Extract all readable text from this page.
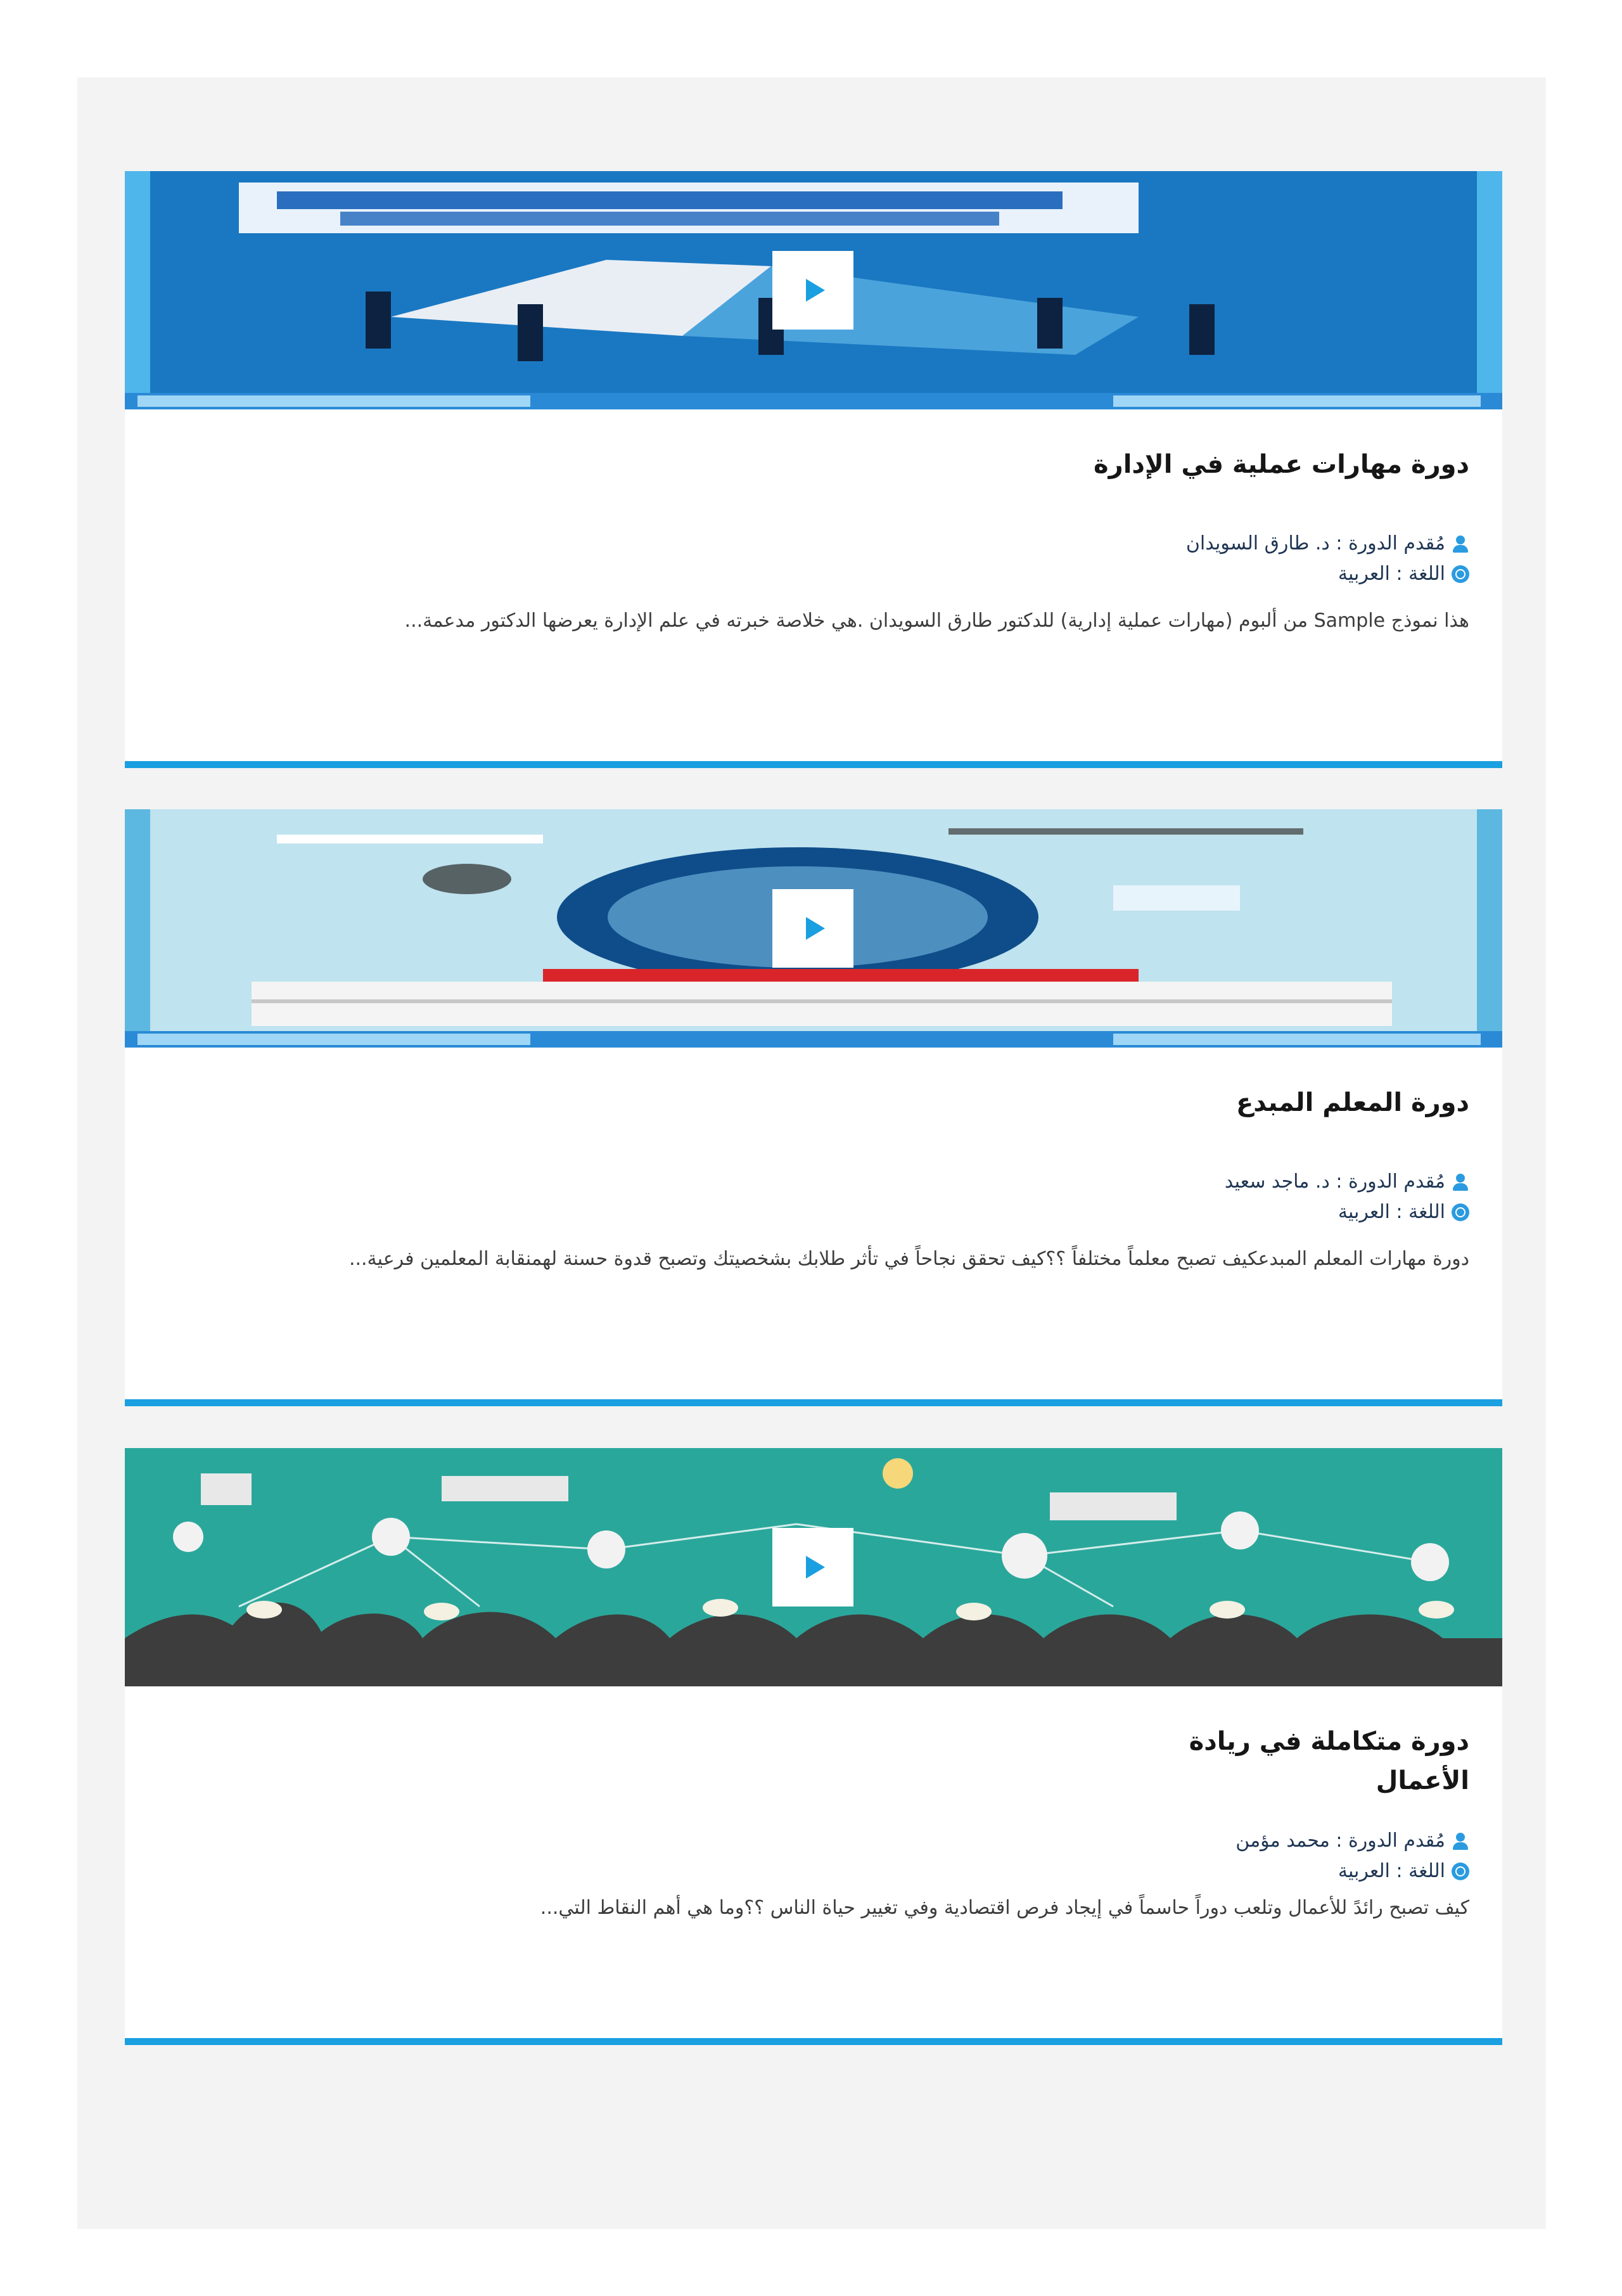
دورة مهارات عملية في الإدارة
مُقدم الدورة : د. طارق السويدان
اللغة : العربية
هذا نموذج Sample من ألبوم (مهارات عملية إدارية) للدكتور طارق السويدان .هي خلاصة خبرته في علم الإدارة يعرضها الدكتور مدعمة...
دورة المعلم المبدع
مُقدم الدورة : د. ماجد سعيد
اللغة : العربية
دورة مهارات المعلم المبدعكيف تصبح معلماً مختلفاً ؟؟كيف تحقق نجاحاً في تأثر طلابك بشخصيتك وتصبح قدوة حسنة لهمنقابة المعلمين فرعية...
دورة متكاملة في ريادة الأعمال
مُقدم الدورة : محمد مؤمن
اللغة : العربية
كيف تصبح رائدً للأعمال وتلعب دوراً حاسماً في إيجاد فرص اقتصادية وفي تغيير حياة الناس ؟؟وما هي أهم النقاط التي...
